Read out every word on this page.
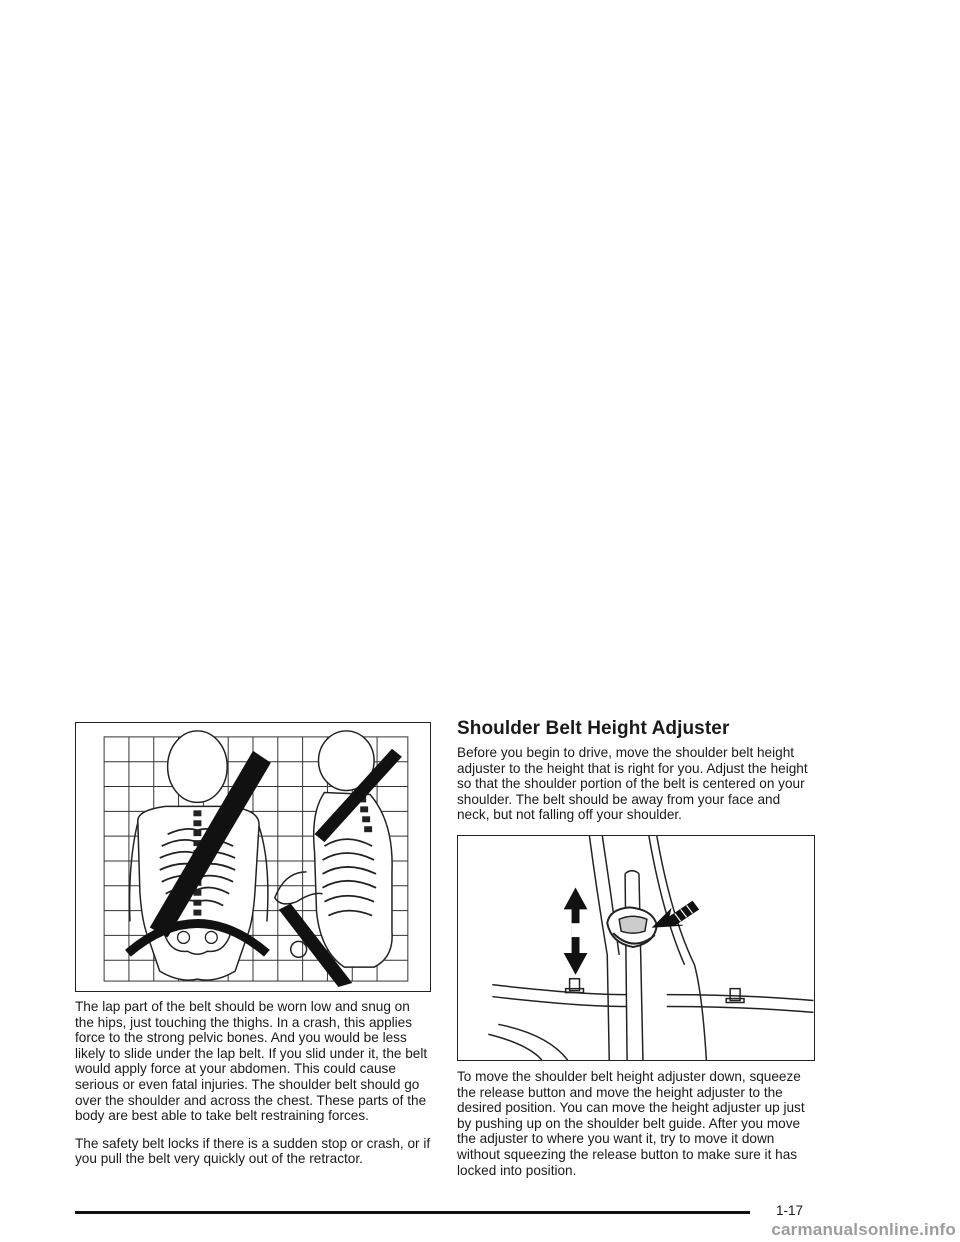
The lap part of the belt should be worn low and snug on the hips, just touching the thighs. In a crash, this applies force to the strong pelvic bones. And you would be less likely to slide under the lap belt. If you slid under it, the belt would apply force at your abdomen. This could cause serious or even fatal injuries. The shoulder belt should go over the shoulder and across the chest. These parts of the body are best able to take belt restraining forces.

The safety belt locks if there is a sudden stop or crash, or if you pull the belt very quickly out of the retractor.

Shoulder Belt Height Adjuster

Before you begin to drive, move the shoulder belt height adjuster to the height that is right for you. Adjust the height so that the shoulder portion of the belt is centered on your shoulder. The belt should be away from your face and neck, but not falling off your shoulder.

To move the shoulder belt height adjuster down, squeeze the release button and move the height adjuster to the desired position. You can move the height adjuster up just by pushing up on the shoulder belt guide. After you move the adjuster to where you want it, try to move it down without squeezing the release button to make sure it has locked into position.

1-17
carmanualsonline.info
